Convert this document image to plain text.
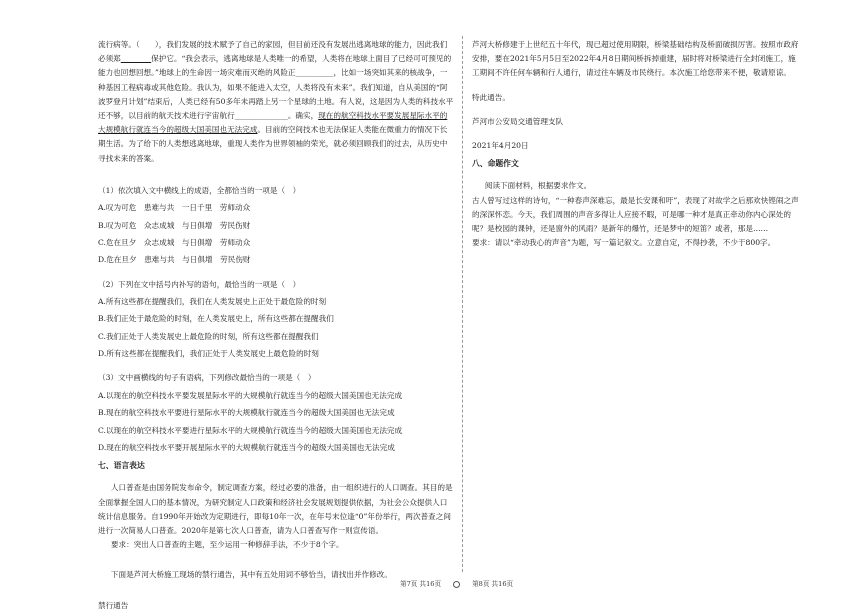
流行病等。（　　），我们发展的技术赋予了自己的家园，但目前还没有发展出逃离地球的能力，因此我们必须郑________保护它。“我会表示，逃离地球是人类唯一的希望，人类将在地球上面目了已经可可预见的能力也回想回想。”地球上的生命因一场灾难而灭绝的风险正__________，比如一场突如其来的核战争，一种基因工程病毒或其他危险。我认为，如果不能进入太空，人类将没有未来”。我们知道，自从美国的“阿波罗登月计划”结束后，人类已经有50多年未再踏上另一个星球的土地。有人说，这是因为人类的科技水平还不够，以目前的航天技术进行宇宙航行______________。确实，现在的航空科技水平要发展星际水平的大规模航行就连当今的超级大国美国也无法完成。目前的空间技术也无法保证人类能在微重力的情况下长期生活。为了给下的人类想逃离地球，重现人类作为世界领袖的荣光，就必须回顾我们的过去，从历史中寻找未来的答案。

（1）依次填入文中横线上的成语，全都恰当的一项是（　）

A.叹为可危　患难与共　一日千里　劳师动众

B.叹为可危　众志成城　与日俱增　劳民伤财

C.危在旦夕　众志成城　与日俱增　劳师动众

D.危在旦夕　患难与共　与日俱增　劳民伤财

（2）下列在文中括号内补写的语句，最恰当的一项是（　）

A.所有这些都在提醒我们，我们在人类发展史上正处于最危险的时刻

B.我们正处于最危险的时刻，在人类发展史上，所有这些都在提醒我们

C.我们正处于人类发展史上最危险的时刻，所有这些都在提醒我们

D.所有这些都在提醒我们，我们正处于人类发展史上最危险的时刻

（3）文中画横线的句子有语病，下列修改最恰当的一项是（　）

A.以现在的航空科技水平要发展星际水平的大规模航行就连当今的超级大国美国也无法完成

B.现在的航空科技水平要进行星际水平的大规模航行就连当今的超级大国美国也无法完成

C.以现在的航空科技水平要进行星际水平的大规模航行就连当今的超级大国美国也无法完成

D.现在的航空科技水平要开展星际水平的大规模航行就连当今的超级大国美国也无法完成

七、语言表达

人口普查是由国务院发布命令，制定调查方案，经过必要的准备，由一组织进行的人口调查。其目的是全面掌握全国人口的基本情况，为研究制定人口政策和经济社会发展规划提供依据，为社会公众提供人口统计信息服务。自1990年开始改为定期进行，即每10年一次，在年号末位逢“0”年份举行，两次普查之间进行一次简易人口普查。2020年是第七次人口普查，请为人口普查写作一则宣传语。

要求：突出人口普查的主题，至少运用一种修辞手法，不少于8个字。

下面是芦河大桥施工现场的禁行通告，其中有五处用词不够恰当，请找出并作修改。

禁行通告

芦河大桥修建于上世纪五十年代，现已超过使用期限，桥梁基础结构及桥面破损厉害。按照市政府安排，要在2021年5月5日至2022年4月8日期间桥拆掉重建，届时将对桥梁进行全封闭施工，施工期间不许任何车辆和行人通行，请过往车辆及市民绕行。本次施工给您带来不便，敬请原谅。

特此通告。

芦河市公安局交通管理支队

2021年4月20日

八、命题作文

阅读下面材料，根据要求作文。

古人曾写过这样的诗句，“一种春声深难忘，最是长安课和吁”，表现了对故学之后那欢快铿闹之声的深深怀恋。今天，我们周围的声音多得让人应接不暇，可是哪一种才是真正牵动你内心深处的呢？是校园的课钟，还是窗外的风雨？是新年的爆竹，还是梦中的短笛？或者，那是……

要求：请以“牵动我心的声音”为题，写一篇记叙文。立意自定，不得抄袭，不少于800字。

第7页 共16页	第8页 共16页
